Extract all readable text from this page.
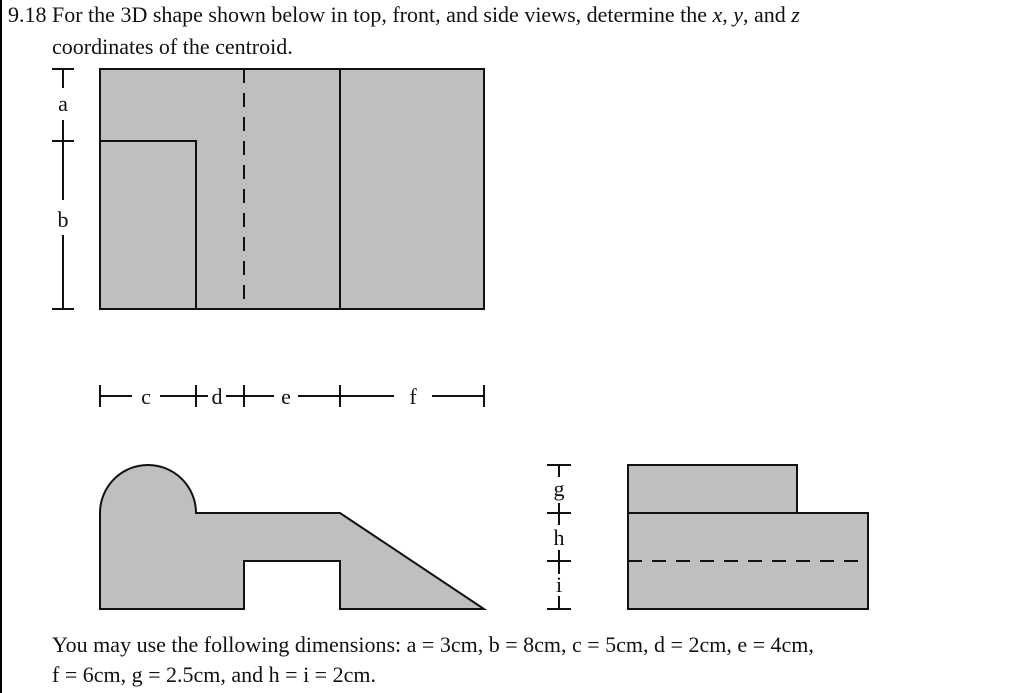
9.18 For the 3D shape shown below in top, front, and side views, determine the x, y, and z
coordinates of the centroid.
a
b
c	d	e	f
g
h
i
You may use the following dimensions: a = 3cm, b = 8cm, c = 5cm, d = 2cm, e = 4cm,
f = 6cm, g = 2.5cm, and h = i = 2cm.
